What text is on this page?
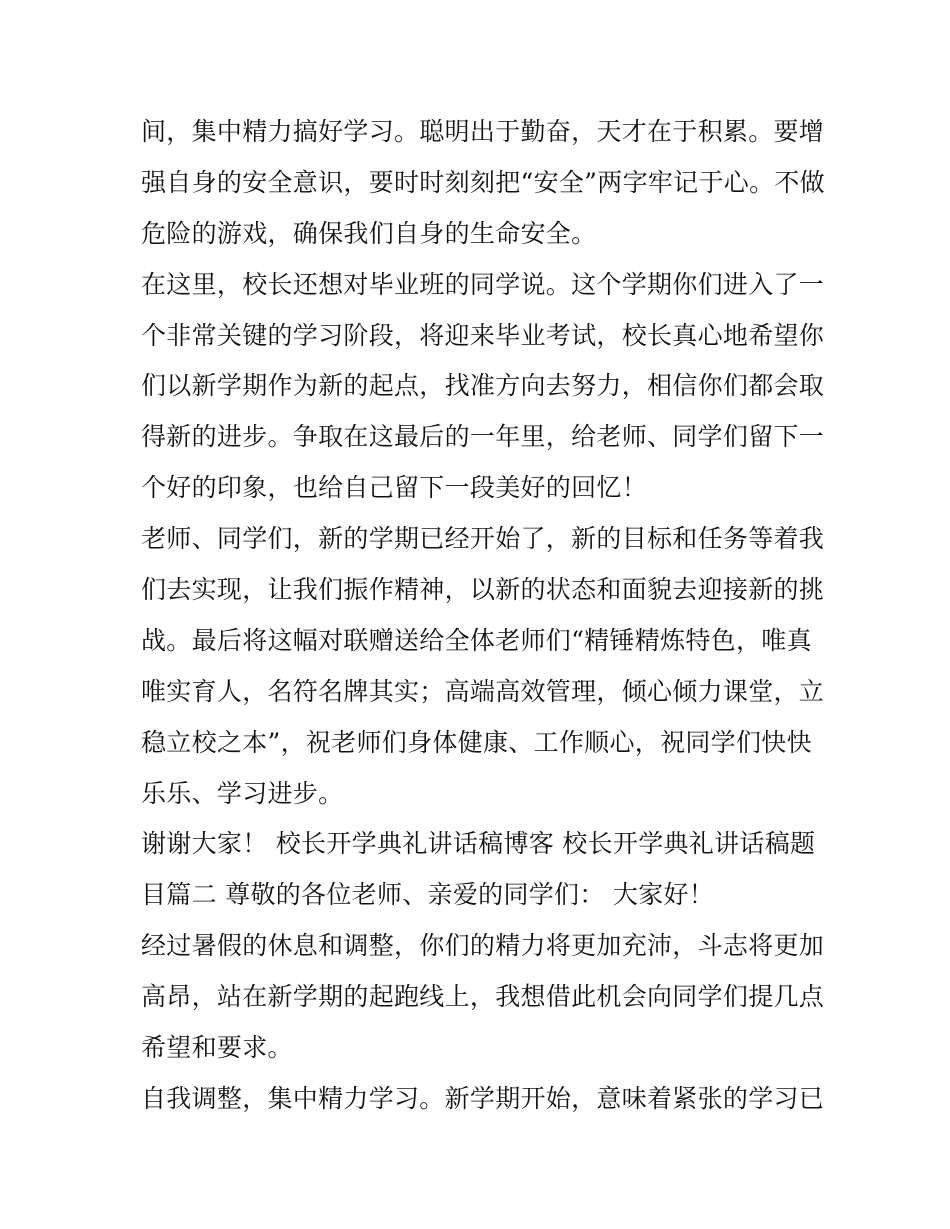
间，集中精力搞好学习。聪明出于勤奋，天才在于积累。要增
强自身的安全意识，要时时刻刻把“安全”两字牢记于心。不做
危险的游戏，确保我们自身的生命安全。
在这里，校长还想对毕业班的同学说。这个学期你们进入了一
个非常关键的学习阶段，将迎来毕业考试，校长真心地希望你
们以新学期作为新的起点，找准方向去努力，相信你们都会取
得新的进步。争取在这最后的一年里，给老师、同学们留下一
个好的印象，也给自己留下一段美好的回忆！
老师、同学们，新的学期已经开始了，新的目标和任务等着我
们去实现，让我们振作精神，以新的状态和面貌去迎接新的挑
战。最后将这幅对联赠送给全体老师们“精锤精炼特色，唯真
唯实育人，名符名牌其实；高端高效管理，倾心倾力课堂，立
稳立校之本”，祝老师们身体健康、工作顺心，祝同学们快快
乐乐、学习进步。
谢谢大家！ 校长开学典礼讲话稿博客 校长开学典礼讲话稿题
目篇二 尊敬的各位老师、亲爱的同学们： 大家好！
经过暑假的休息和调整，你们的精力将更加充沛，斗志将更加
高昂，站在新学期的起跑线上，我想借此机会向同学们提几点
希望和要求。
自我调整，集中精力学习。新学期开始，意味着紧张的学习已
